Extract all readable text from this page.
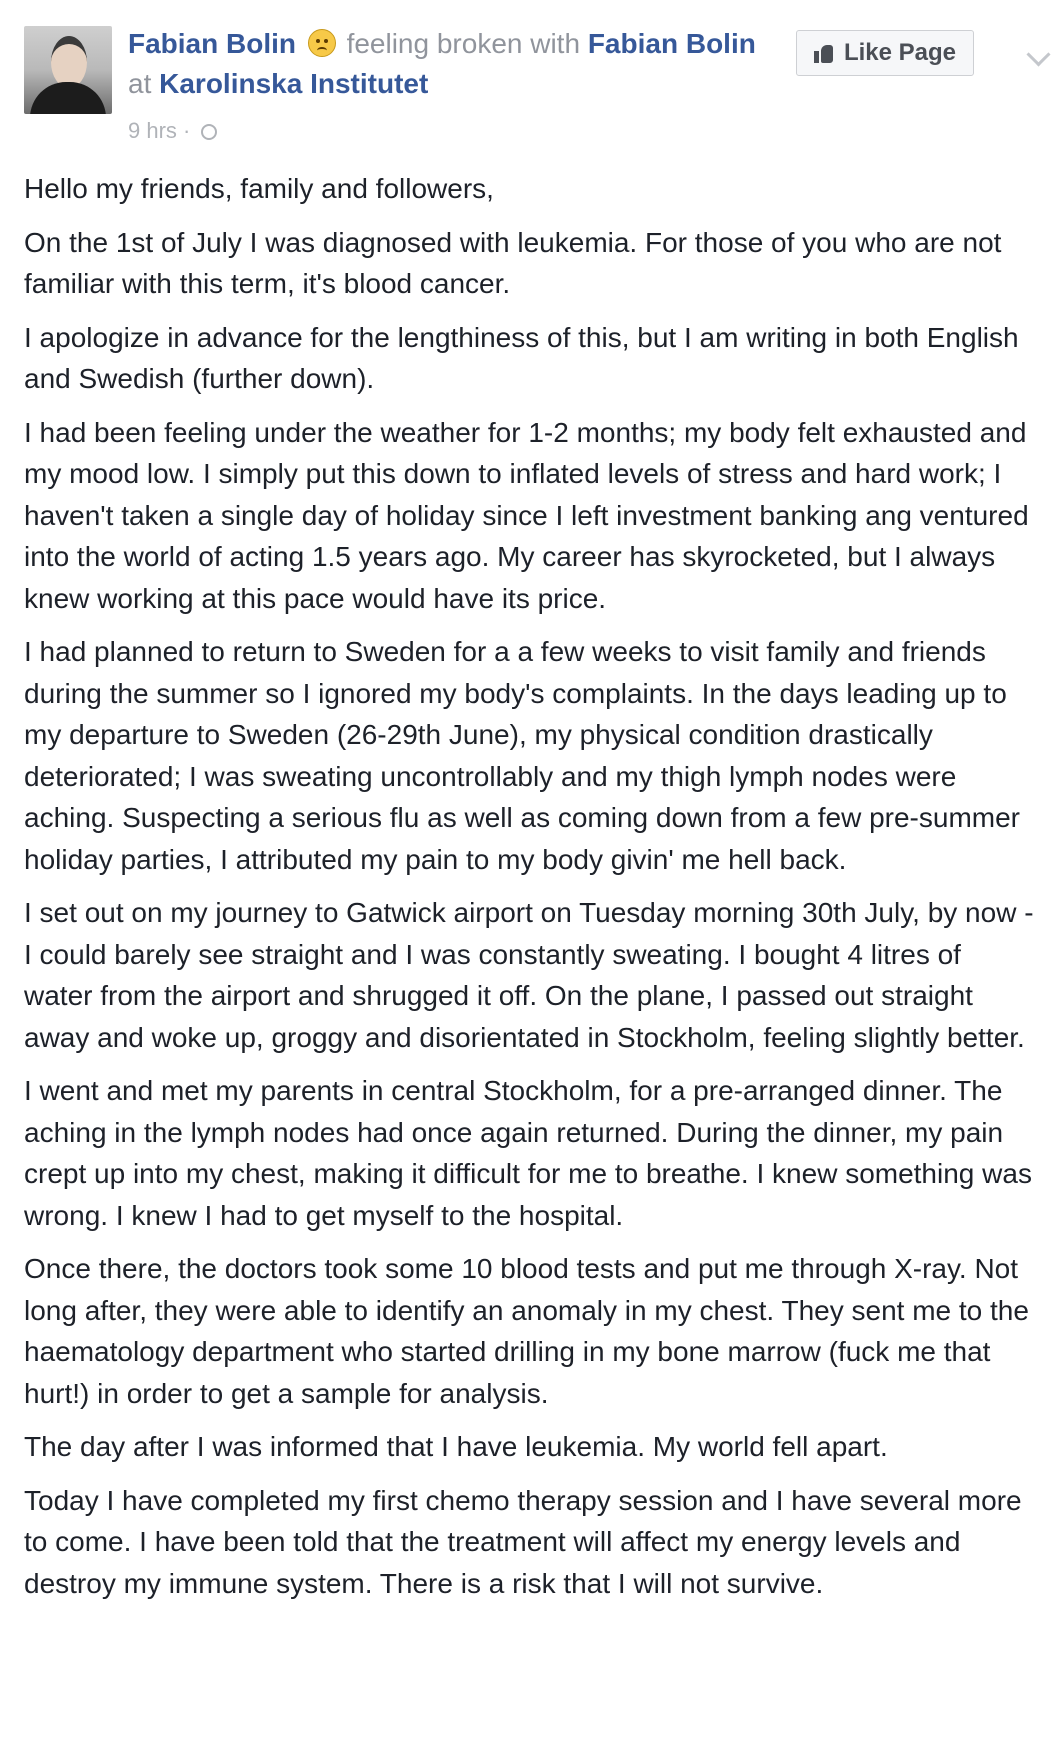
Fabian Bolin feeling broken with Fabian Bolin at Karolinska Institutet
9 hrs ·
Like Page

Hello my friends, family and followers,

On the 1st of July I was diagnosed with leukemia. For those of you who are not familiar with this term, it's blood cancer.

I apologize in advance for the lengthiness of this, but I am writing in both English and Swedish (further down).

I had been feeling under the weather for 1-2 months; my body felt exhausted and my mood low. I simply put this down to inflated levels of stress and hard work; I haven't taken a single day of holiday since I left investment banking ang ventured into the world of acting 1.5 years ago. My career has skyrocketed, but I always knew working at this pace would have its price.

I had planned to return to Sweden for a a few weeks to visit family and friends during the summer so I ignored my body's complaints. In the days leading up to my departure to Sweden (26-29th June), my physical condition drastically deteriorated; I was sweating uncontrollably and my thigh lymph nodes were aching. Suspecting a serious flu as well as coming down from a few pre-summer holiday parties, I attributed my pain to my body givin' me hell back.

I set out on my journey to Gatwick airport on Tuesday morning 30th July, by now - I could barely see straight and I was constantly sweating. I bought 4 litres of water from the airport and shrugged it off. On the plane, I passed out straight away and woke up, groggy and disorientated in Stockholm, feeling slightly better.

I went and met my parents in central Stockholm, for a pre-arranged dinner. The aching in the lymph nodes had once again returned. During the dinner, my pain crept up into my chest, making it difficult for me to breathe. I knew something was wrong. I knew I had to get myself to the hospital.

Once there, the doctors took some 10 blood tests and put me through X-ray. Not long after, they were able to identify an anomaly in my chest. They sent me to the haematology department who started drilling in my bone marrow (fuck me that hurt!) in order to get a sample for analysis.

The day after I was informed that I have leukemia. My world fell apart.

Today I have completed my first chemo therapy session and I have several more to come. I have been told that the treatment will affect my energy levels and destroy my immune system. There is a risk that I will not survive.
